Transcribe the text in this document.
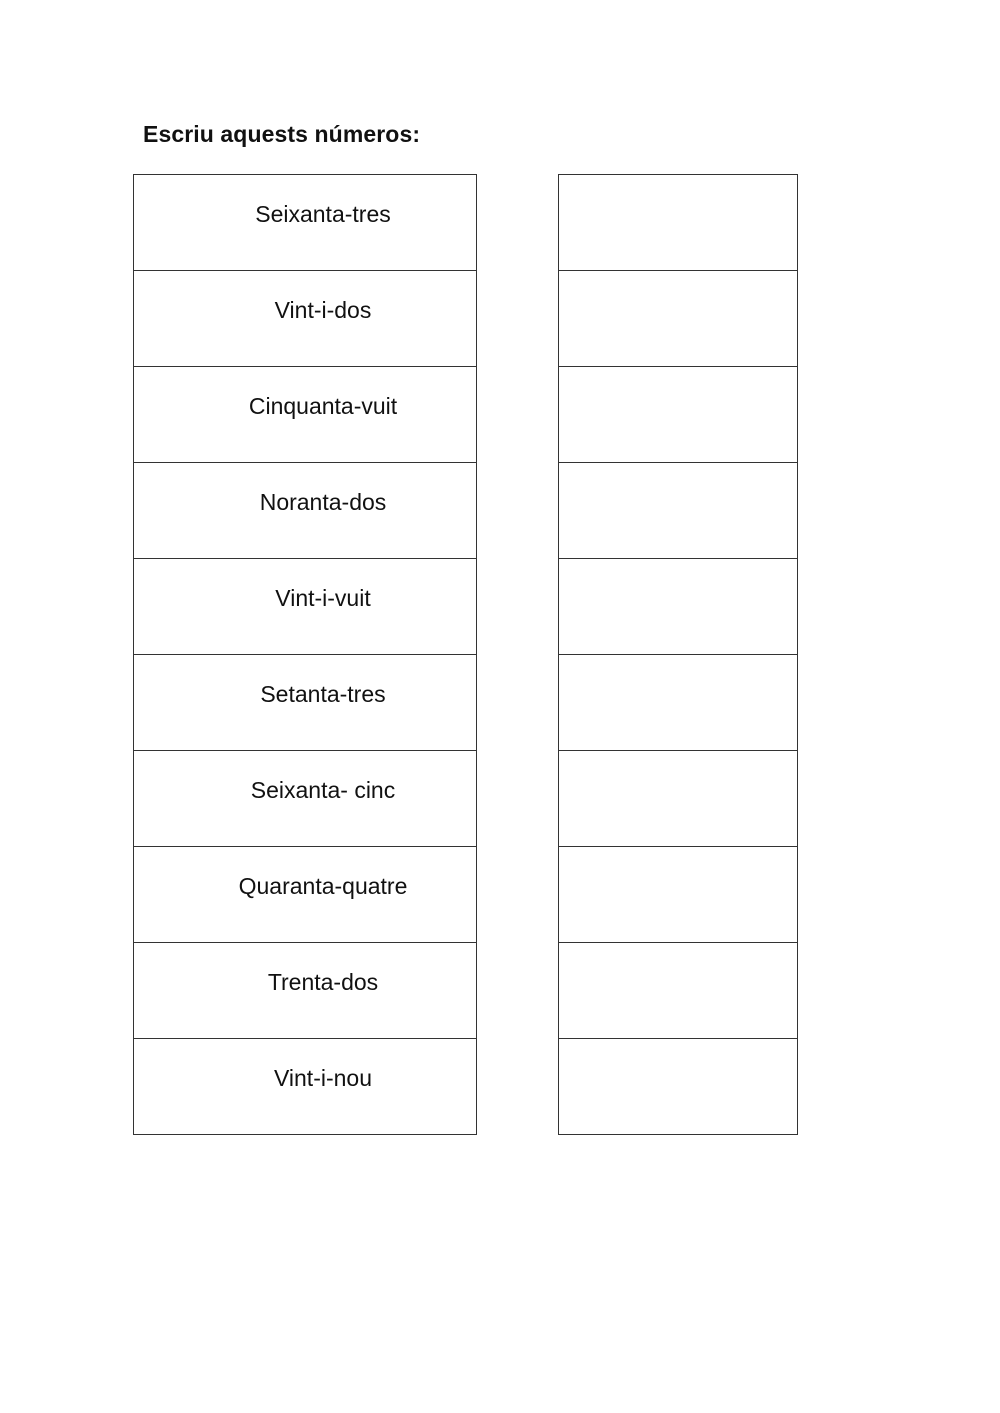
Escriu aquests números:
Seixanta-tres
Vint-i-dos
Cinquanta-vuit
Noranta-dos
Vint-i-vuit
Setanta-tres
Seixanta- cinc
Quaranta-quatre
Trenta-dos
Vint-i-nou
